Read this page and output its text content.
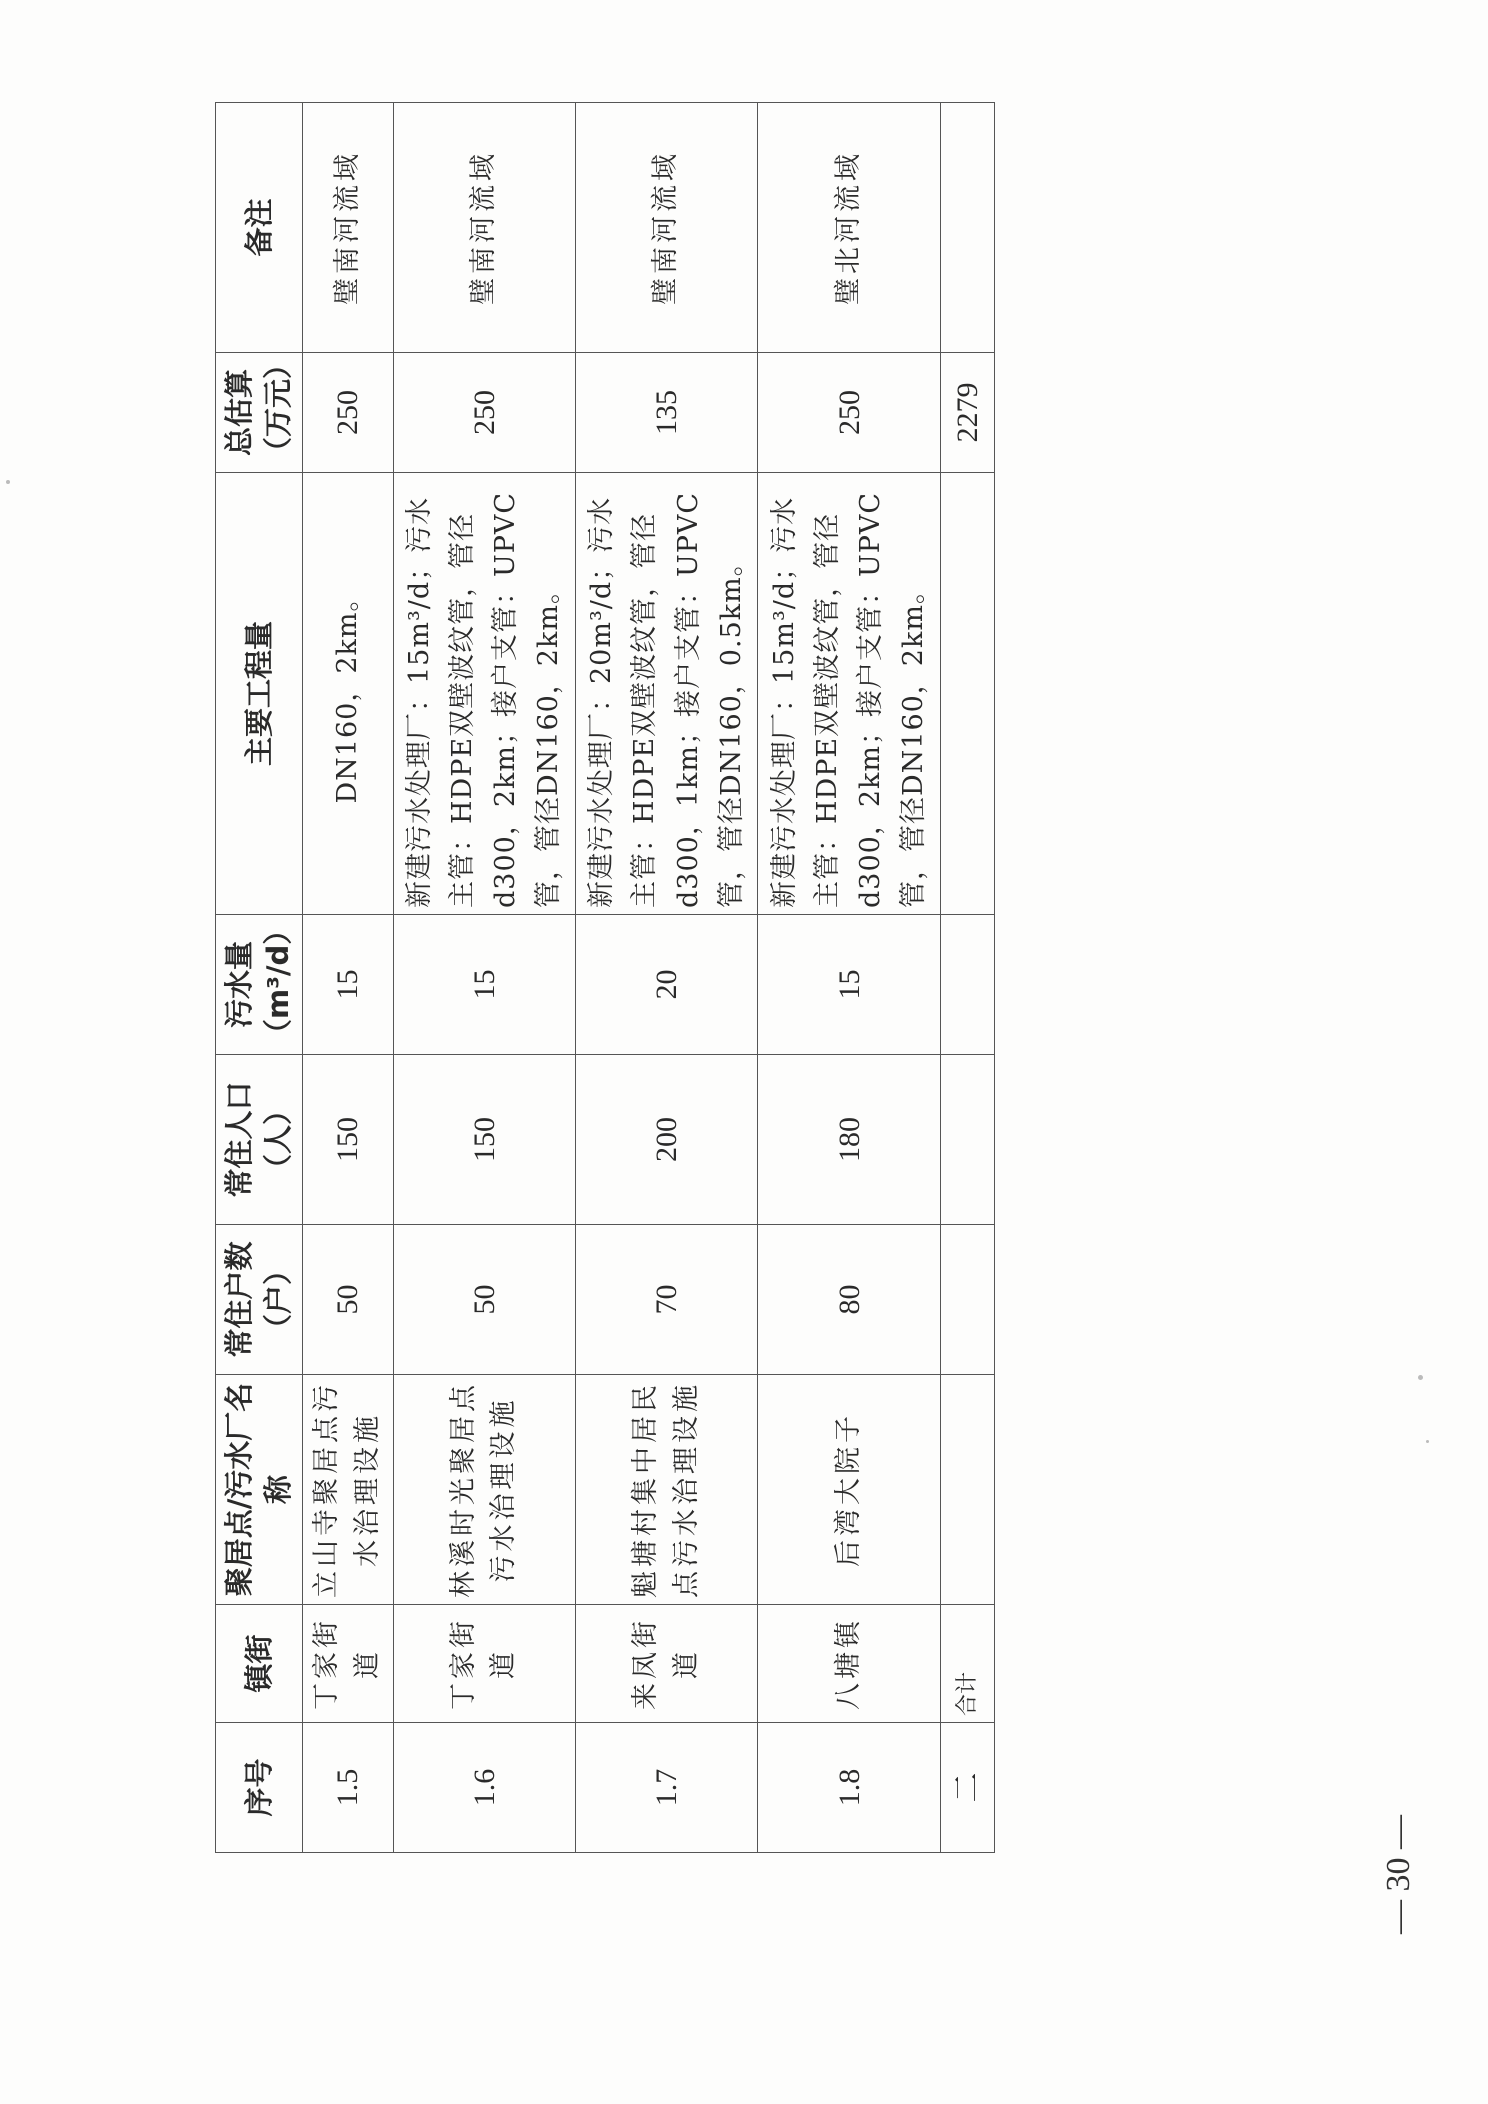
序号	镇街	聚居点/污水厂名称	常住户数（户）	常住人口（人）	污水量（m³/d）	主要工程量	总估算（万元）	备注
1.5	丁家街道	立山寺聚居点污水治理设施	50	150	15	DN160，2km。	250	璧南河流域
1.6	丁家街道	林溪时光聚居点污水治理设施	50	150	15	新建污水处理厂：15m³/d；污水主管：HDPE双壁波纹管，管径d300，2km；接户支管：UPVC管，管径DN160，2km。	250	璧南河流域
1.7	来凤街道	魁塘村集中居民点污水治理设施	70	200	20	新建污水处理厂：20m³/d；污水主管：HDPE双壁波纹管，管径d300，1km；接户支管：UPVC管，管径DN160，0.5km。	135	璧南河流域
1.8	八塘镇	后湾大院子	80	180	15	新建污水处理厂：15m³/d；污水主管：HDPE双壁波纹管，管径d300，2km；接户支管：UPVC管，管径DN160，2km。	250	璧北河流域
二	合计						2279	
— 30 —
